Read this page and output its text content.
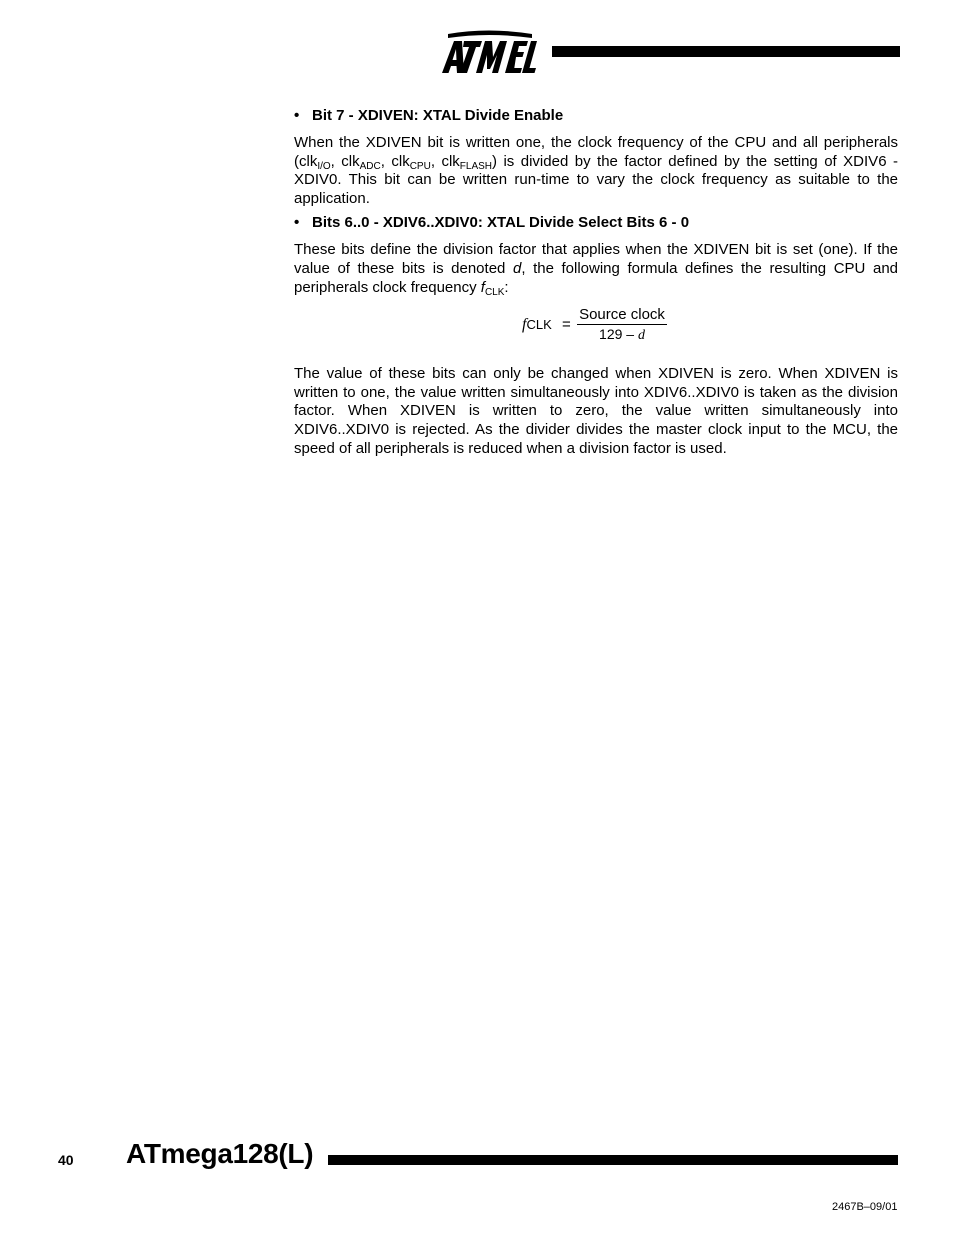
• Bit 7 - XDIVEN: XTAL Divide Enable

When the XDIVEN bit is written one, the clock frequency of the CPU and all peripherals (clk$_{I/O}$, clk$_{ADC}$, clk$_{CPU}$, clk$_{FLASH}$) is divided by the factor defined by the setting of XDIV6 - XDIV0. This bit can be written run-time to vary the clock frequency as suitable to the application.

• Bits 6..0 - XDIV6..XDIV0: XTAL Divide Select Bits 6 - 0

These bits define the division factor that applies when the XDIVEN bit is set (one). If the value of these bits is denoted d, the following formula defines the resulting CPU and peripherals clock frequency $f_{CLK}$:

fCLK =
Source clock
129 – d

The value of these bits can only be changed when XDIVEN is zero. When XDIVEN is written to one, the value written simultaneously into XDIV6..XDIV0 is taken as the division factor. When XDIVEN is written to zero, the value written simultaneously into XDIV6..XDIV0 is rejected. As the divider divides the master clock input to the MCU, the speed of all peripherals is reduced when a division factor is used.

40 ATmega128(L)
2467B–09/01
